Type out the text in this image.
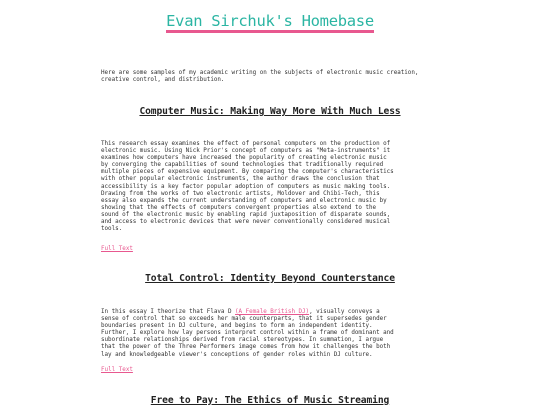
Evan Sirchuk's Homebase

Here are some samples of my academic writing on the subjects of electronic music creation, creative control, and distribution.

Computer Music: Making Way More With Much Less

This research essay examines the effect of personal computers on the production of

electronic music. Using Nick Prior's concept of computers as "Meta-instruments" it

examines how computers have increased the popularity of creating electronic music

by converging the capabilities of sound technologies that traditionally required

multiple pieces of expensive equipment. By comparing the computer's characteristics

with other popular electronic instruments, the author draws the conclusion that

accessibility is a key factor popular adoption of computers as music making tools.

Drawing from the works of two electronic artists, Moldover and Chibi-Tech, this

essay also expands the current understanding of computers and electronic music by

showing that the effects of computers convergent properties also extend to the

sound of the electronic music by enabling rapid juxtaposition of disparate sounds,

and access to electronic devices that were never conventionally considered musical

tools.

Full Text
Total Control: Identity Beyond Counterstance

In this essay I theorize that Flava D (A Female British DJ), visually conveys a

sense of control that so exceeds her male counterparts, that it supersedes gender

boundaries present in DJ culture, and begins to form an independent identity.

Further, I explore how lay persons interpret control within a frame of dominant and

subordinate relationships derived from racial stereotypes. In summation, I argue

that the power of the Three Performers image comes from how it challenges the both

lay and knowledgeable viewer's conceptions of gender roles within DJ culture.

Full Text
Free to Pay: The Ethics of Music Streaming
